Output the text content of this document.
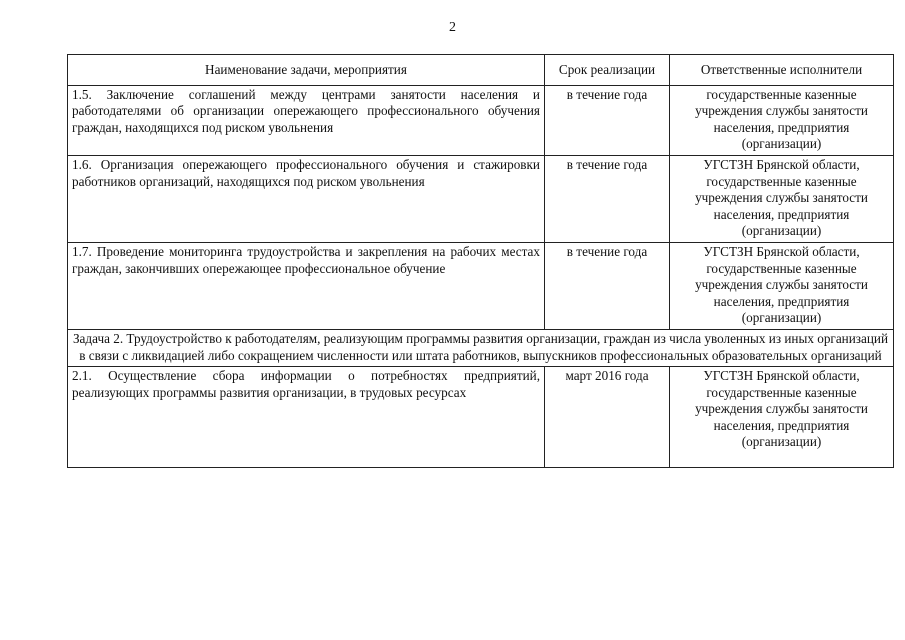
2
Наименование задачи, мероприятия	Срок реализации	Ответственные исполнители
1.5. Заключение соглашений между центрами занятости населения и работодателями об организации опережающего профессионального обучения граждан, находящихся под риском увольнения	в течение года	государственные казенные учреждения службы занятости населения, предприятия (организации)
1.6. Организация опережающего профессионального обучения и стажировки работников организаций, находящихся под риском увольнения	в течение года	УГСТЗН Брянской области, государственные казенные учреждения службы занятости населения, предприятия (организации)
1.7. Проведение мониторинга трудоустройства и закрепления на рабочих местах граждан, закончивших опережающее профессиональное обучение	в течение года	УГСТЗН Брянской области, государственные казенные учреждения службы занятости населения, предприятия (организации)
Задача 2. Трудоустройство к работодателям, реализующим программы развития организации, граждан из числа уволенных из иных организаций в связи с ликвидацией либо сокращением численности или штата работников, выпускников профессиональных образовательных организаций		
2.1. Осуществление сбора информации о потребностях предприятий, реализующих программы развития организации, в трудовых ресурсах	март 2016 года	УГСТЗН Брянской области, государственные казенные учреждения службы занятости населения, предприятия (организации)
